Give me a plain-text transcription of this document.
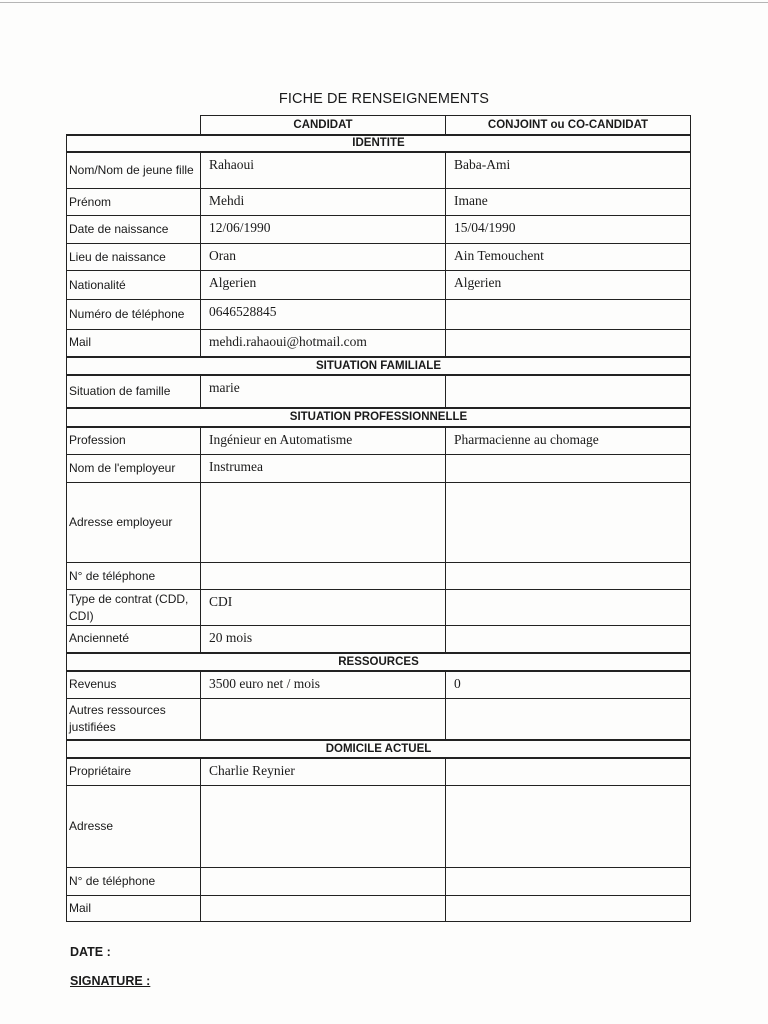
FICHE DE RENSEIGNEMENTS
	CANDIDAT	CONJOINT ou CO-CANDIDAT
IDENTITE		
Nom/Nom de jeune fille	Rahaoui	Baba-Ami
Prénom	Mehdi	Imane
Date de naissance	12/06/1990	15/04/1990
Lieu de naissance	Oran	Ain Temouchent
Nationalité	Algerien	Algerien
Numéro de téléphone	0646528845	
Mail	mehdi.rahaoui@hotmail.com	
SITUATION FAMILIALE		
Situation de famille	marie	
SITUATION PROFESSIONNELLE		
Profession	Ingénieur en Automatisme	Pharmacienne au chomage
Nom de l'employeur	Instrumea	
Adresse employeur		
N° de téléphone		
Type de contrat (CDD, CDI)	CDI	
Ancienneté	20 mois	
RESSOURCES		
Revenus	3500 euro net / mois	0
Autres ressources justifiées		
DOMICILE ACTUEL		
Propriétaire	Charlie Reynier	
Adresse		
N° de téléphone		
Mail		
DATE :
SIGNATURE :
